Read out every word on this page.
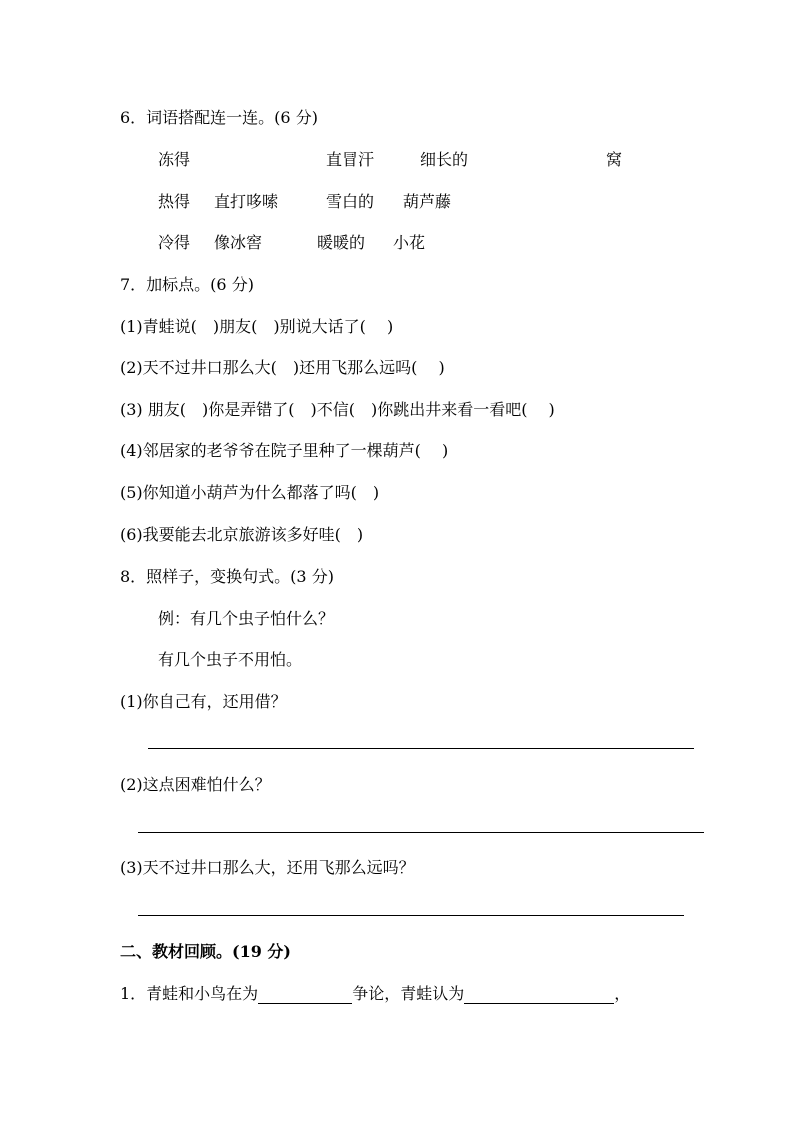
6．词语搭配连一连。(6 分)
冻得	直冒汗	细长的	窝
热得 直打哆嗦	雪白的 葫芦藤
冷得 像冰窖	暖暖的 小花
7．加标点。(6 分)
(1)青蛙说(　)朋友(　)别说大话了(　 )
(2)天不过井口那么大(　)还用飞那么远吗(　 )
(3) 朋友(　)你是弄错了(　)不信(　)你跳出井来看一看吧(　 )
(4)邻居家的老爷爷在院子里种了一棵葫芦(　 )
(5)你知道小葫芦为什么都落了吗(　)
(6)我要能去北京旅游该多好哇(　)
8．照样子，变换句式。(3 分)
例：有几个虫子怕什么？
有几个虫子不用怕。
(1)你自己有，还用借？
(2)这点困难怕什么？
(3)天不过井口那么大，还用飞那么远吗？
二、教材回顾。(19 分)
1．青蛙和小鸟在为	争论，青蛙认为	，
